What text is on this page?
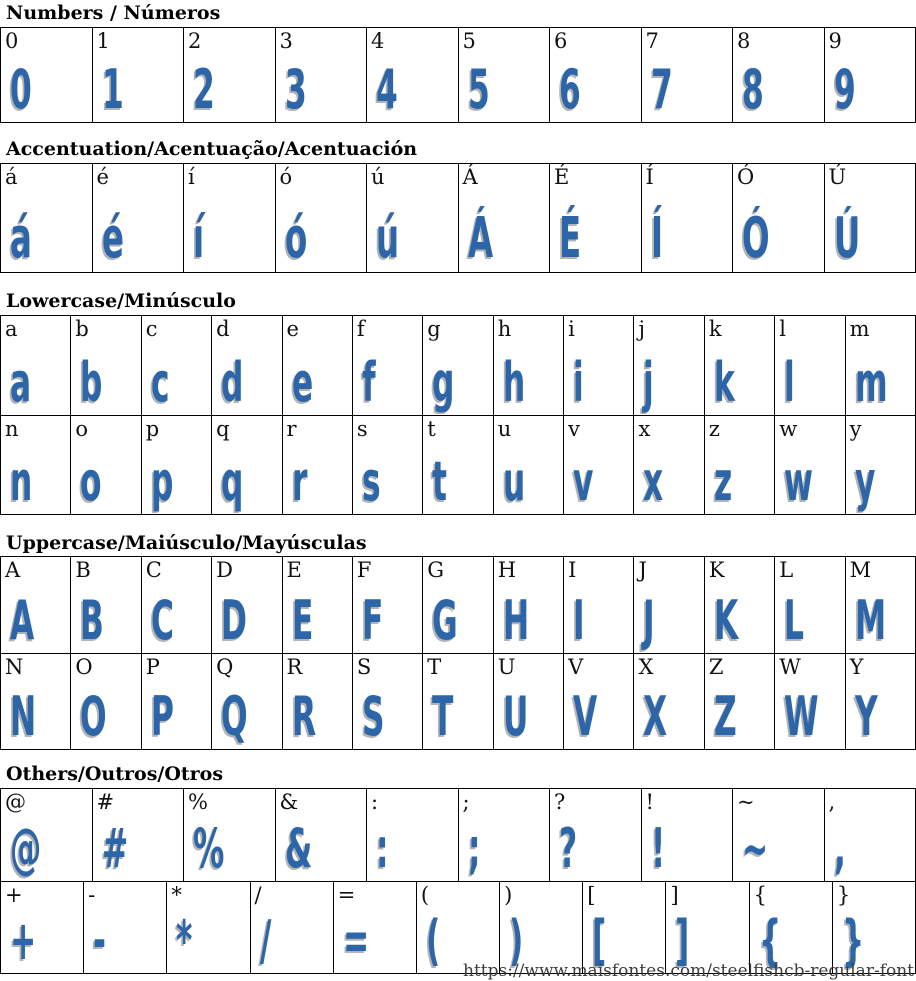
Numbers / Números
0
0
1
1
2
2
3
3
4
4
5
5
6
6
7
7
8
8
9
9
Accentuation/Acentuação/Acentuación
á
á
é
é
í
í
ó
ó
ú
ú
Á
Á
É
É
Í
Í
Ó
Ó
Ú
Ú
Lowercase/Minúsculo
a
a
b
b
c
c
d
d
e
e
f
f
g
g
h
h
i
i
j
j
k
k
l
l
m
m
n
n
o
o
p
p
q
q
r
r
s
s
t
t
u
u
v
v
x
x
z
z
w
w
y
y
Uppercase/Maiúsculo/Mayúsculas
A
A
B
B
C
C
D
D
E
E
F
F
G
G
H
H
I
I
J
J
K
K
L
L
M
M
N
N
O
O
P
P
Q
Q
R
R
S
S
T
T
U
U
V
V
X
X
Z
Z
W
W
Y
Y
Others/Outros/Otros
@
@
#
#
%
%
&
&
:
:
;
;
?
?
!
!
~
~
,
,
+
+
-
-
*
*
/
/
=
=
(
(
)
)
[
[
]
]
{
{
}
}
https://www.maisfontes.com/steelfishcb-regular-font
